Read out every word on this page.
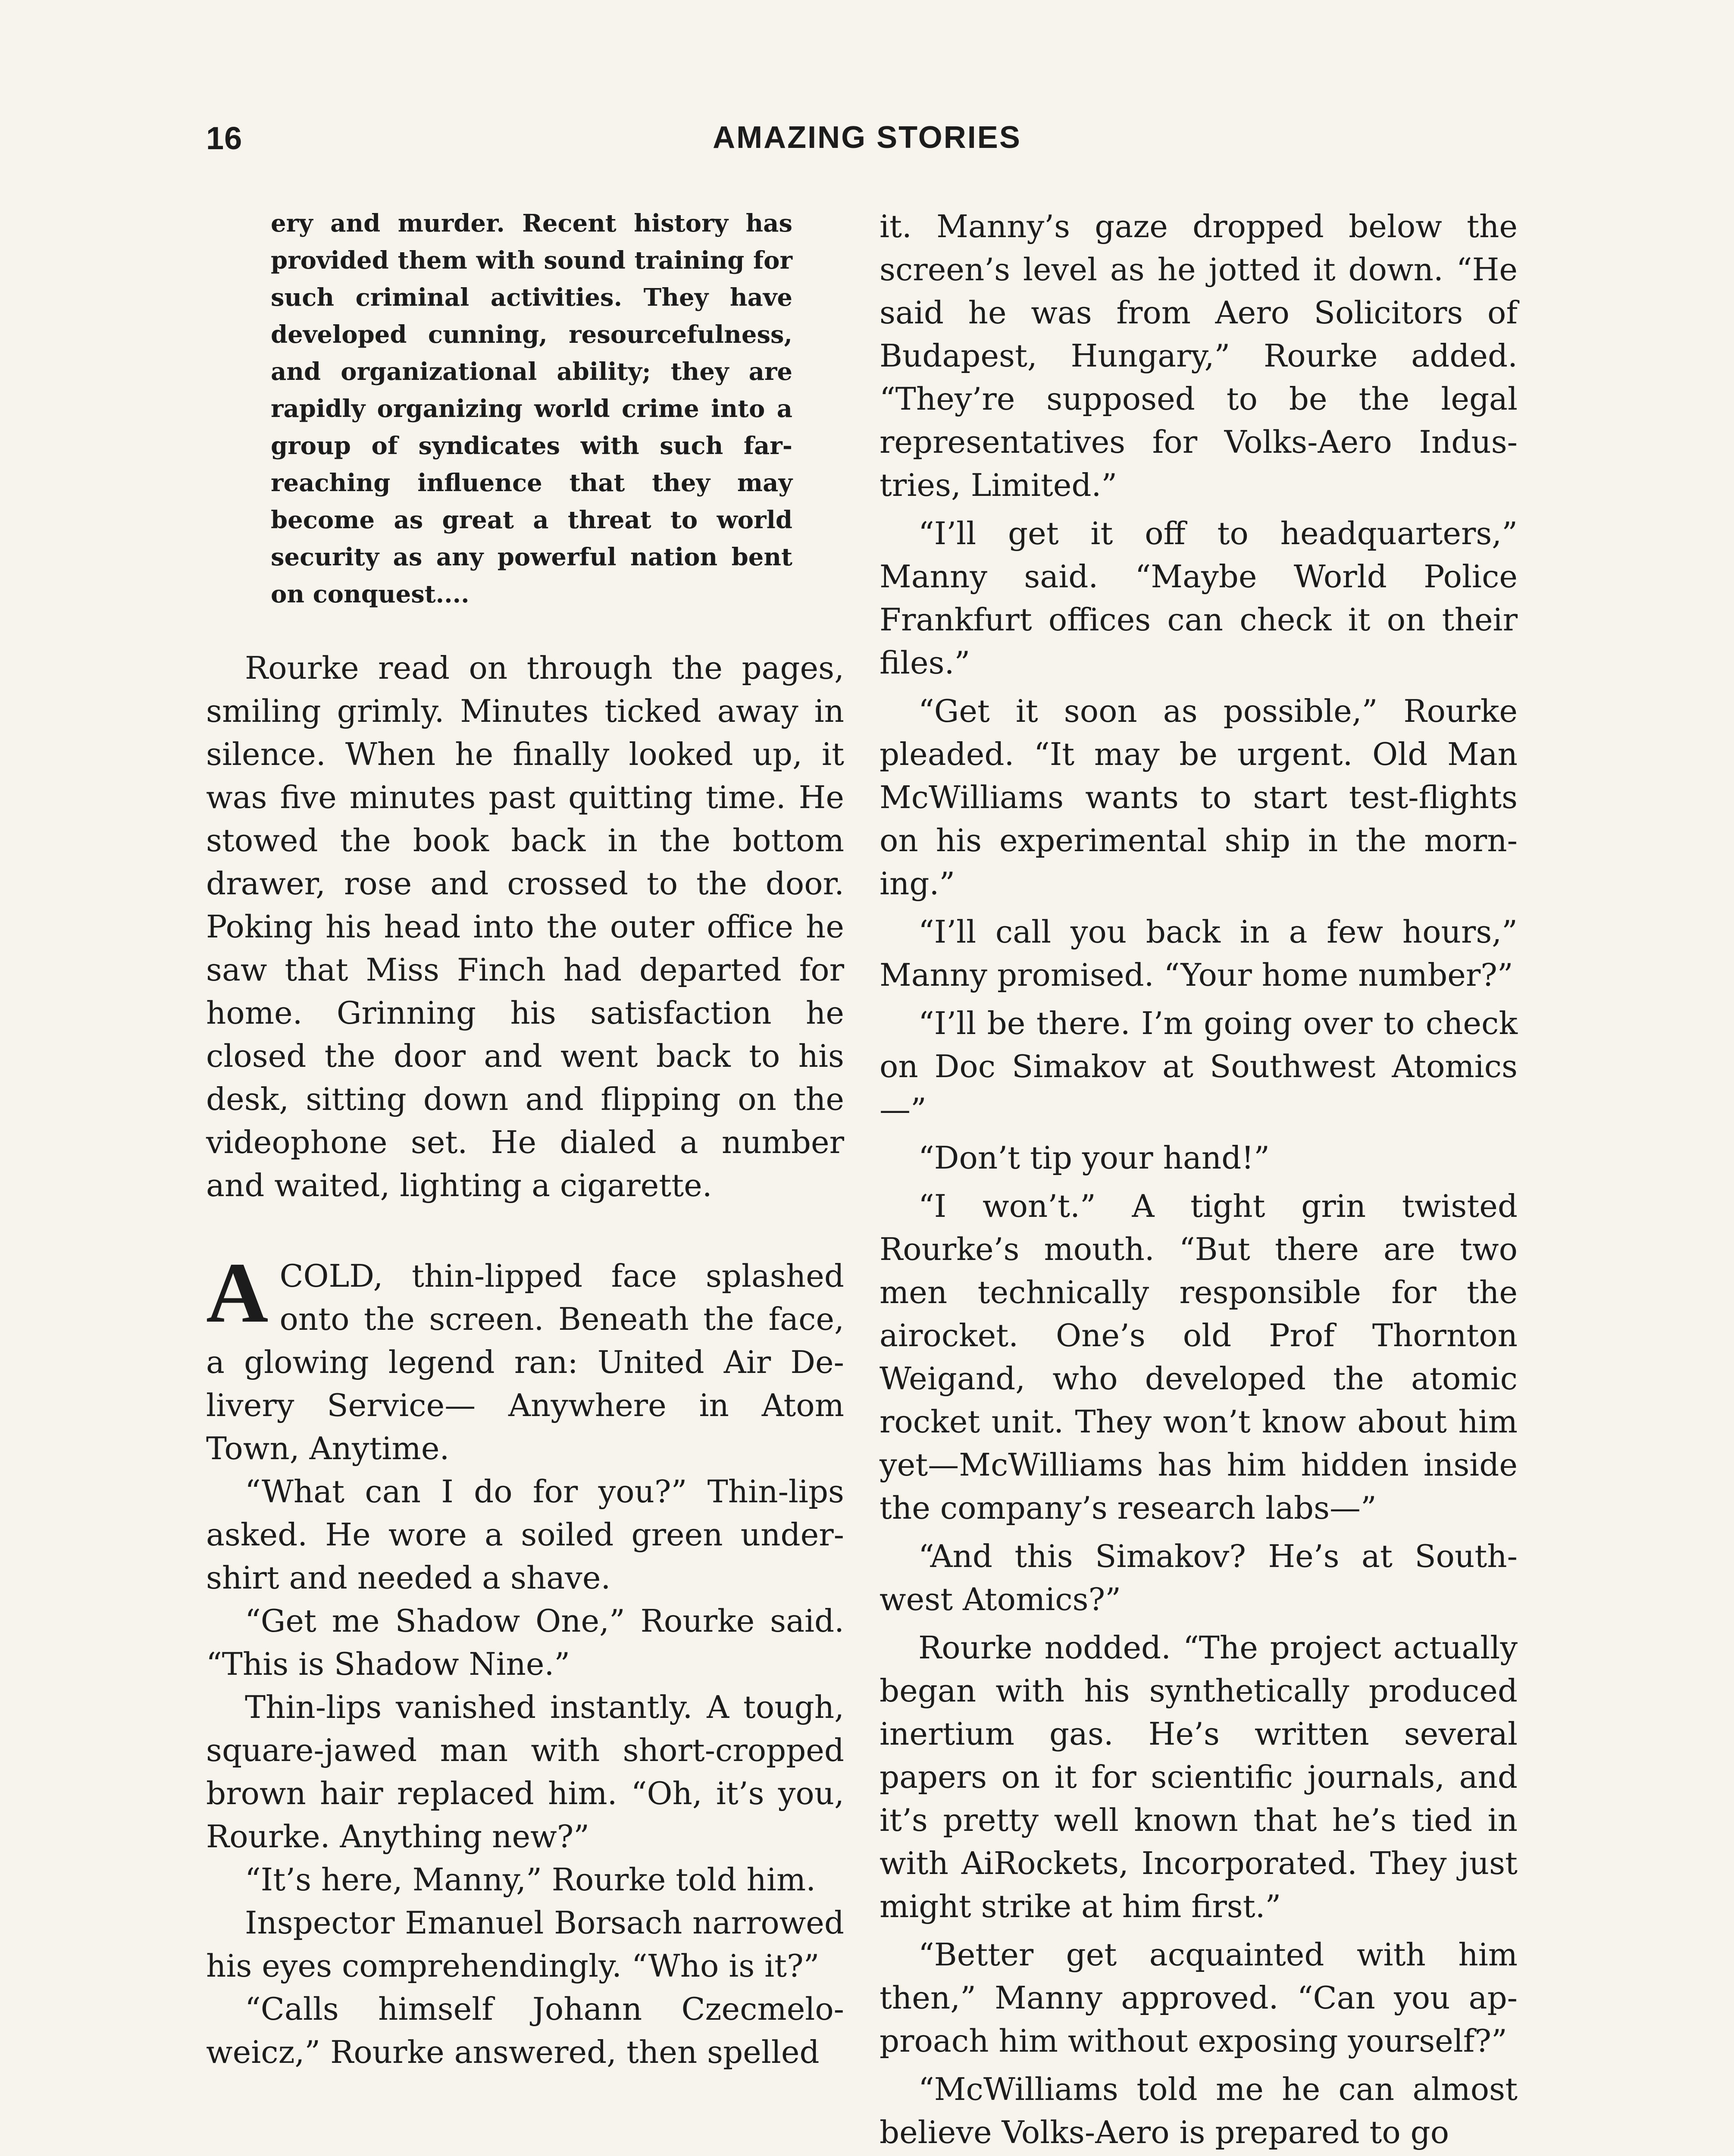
16	AMAZING STORIES

ery and murder. Recent history has provided them with sound training for such criminal activities. They have developed cunning, resourcefulness, and organizational ability; they are rapidly organizing world crime into a group of syndicates with such far-reaching influence that they may become as great a threat to world security as any powerful nation bent on conquest....

Rourke read on through the pages, smiling grimly. Minutes ticked away in silence. When he finally looked up, it was five minutes past quitting time. He stowed the book back in the bottom drawer, rose and crossed to the door. Poking his head into the outer office he saw that Miss Finch had departed for home. Grinning his satisfaction he closed the door and went back to his desk, sitting down and flipping on the videophone set. He dialed a number and waited, lighting a cigarette.

ACOLD, thin-lipped face splashed onto the screen. Beneath the face, a glowing legend ran: United Air Delivery Service— Anywhere in Atom Town, Anytime.

“What can I do for you?” Thin-lips asked. He wore a soiled green undershirt and needed a shave.

“Get me Shadow One,” Rourke said. “This is Shadow Nine.”

Thin-lips vanished instantly. A tough, square-jawed man with short-cropped brown hair replaced him. “Oh, it’s you, Rourke. Anything new?”

“It’s here, Manny,” Rourke told him.

Inspector Emanuel Borsach narrowed his eyes comprehendingly. “Who is it?”

“Calls himself Johann Czecmeloweicz,” Rourke answered, then spelled

it. Manny’s gaze dropped below the screen’s level as he jotted it down. “He said he was from Aero Solicitors of Budapest, Hungary,” Rourke added. “They’re supposed to be the legal representatives for Volks-Aero Industries, Limited.”

“I’ll get it off to headquarters,” Manny said. “Maybe World Police Frankfurt offices can check it on their files.”

“Get it soon as possible,” Rourke pleaded. “It may be urgent. Old Man McWilliams wants to start test-flights on his experimental ship in the morning.”

“I’ll call you back in a few hours,” Manny promised. “Your home number?”

“I’ll be there. I’m going over to check on Doc Simakov at Southwest Atomics—”

“Don’t tip your hand!”

“I won’t.” A tight grin twisted Rourke’s mouth. “But there are two men technically responsible for the airocket. One’s old Prof Thornton Weigand, who developed the atomic rocket unit. They won’t know about him yet—McWilliams has him hidden inside the company’s research labs—”

“And this Simakov? He’s at Southwest Atomics?”

Rourke nodded. “The project actually began with his synthetically produced inertium gas. He’s written several papers on it for scientific journals, and it’s pretty well known that he’s tied in with AiRockets, Incorporated. They just might strike at him first.”

“Better get acquainted with him then,” Manny approved. “Can you approach him without exposing yourself?”

“McWilliams told me he can almost believe Volks-Aero is prepared to go
